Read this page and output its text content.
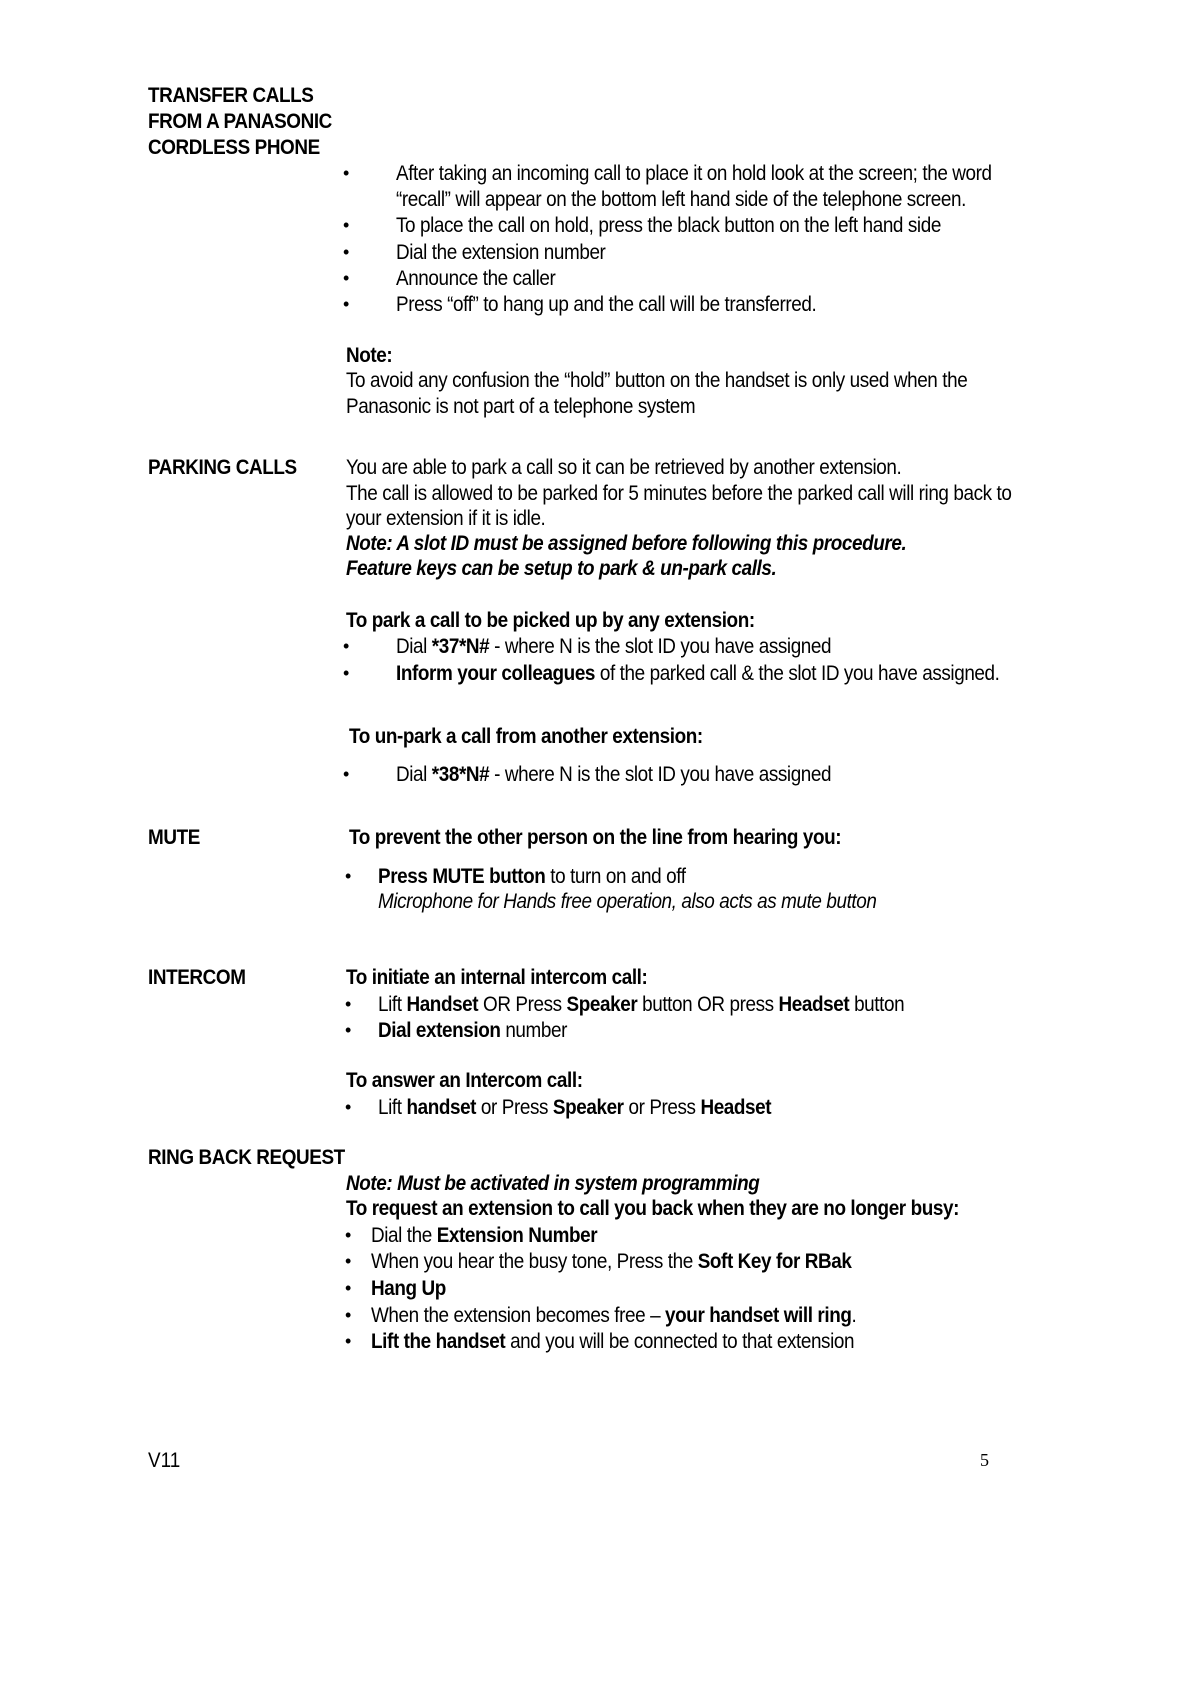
TRANSFER CALLS
FROM A PANASONIC
CORDLESS PHONE
• After taking an incoming call to place it on hold look at the screen; the word
“recall” will appear on the bottom left hand side of the telephone screen.
• To place the call on hold, press the black button on the left hand side
• Dial the extension number
• Announce the caller
• Press “off” to hang up and the call will be transferred.
Note:
To avoid any confusion the “hold” button on the handset is only used when the
Panasonic is not part of a telephone system
PARKING CALLS You are able to park a call so it can be retrieved by another extension.
The call is allowed to be parked for 5 minutes before the parked call will ring back to
your extension if it is idle.
Note: A slot ID must be assigned before following this procedure.
Feature keys can be setup to park & un-park calls.
To park a call to be picked up by any extension:
• Dial *37*N# - where N is the slot ID you have assigned
• Inform your colleagues of the parked call & the slot ID you have assigned.
To un-park a call from another extension:
• Dial *38*N# - where N is the slot ID you have assigned
MUTE	To prevent the other person on the line from hearing you:
• Press MUTE button to turn on and off
Microphone for Hands free operation, also acts as mute button
INTERCOM	To initiate an internal intercom call:
• Lift Handset OR Press Speaker button OR press Headset button
• Dial extension number
To answer an Intercom call:
• Lift handset or Press Speaker or Press Headset
RING BACK REQUEST
Note: Must be activated in system programming
To request an extension to call you back when they are no longer busy:
• Dial the Extension Number
• When you hear the busy tone, Press the Soft Key for RBak
• Hang Up
• When the extension becomes free – your handset will ring.
• Lift the handset and you will be connected to that extension
V11	5
